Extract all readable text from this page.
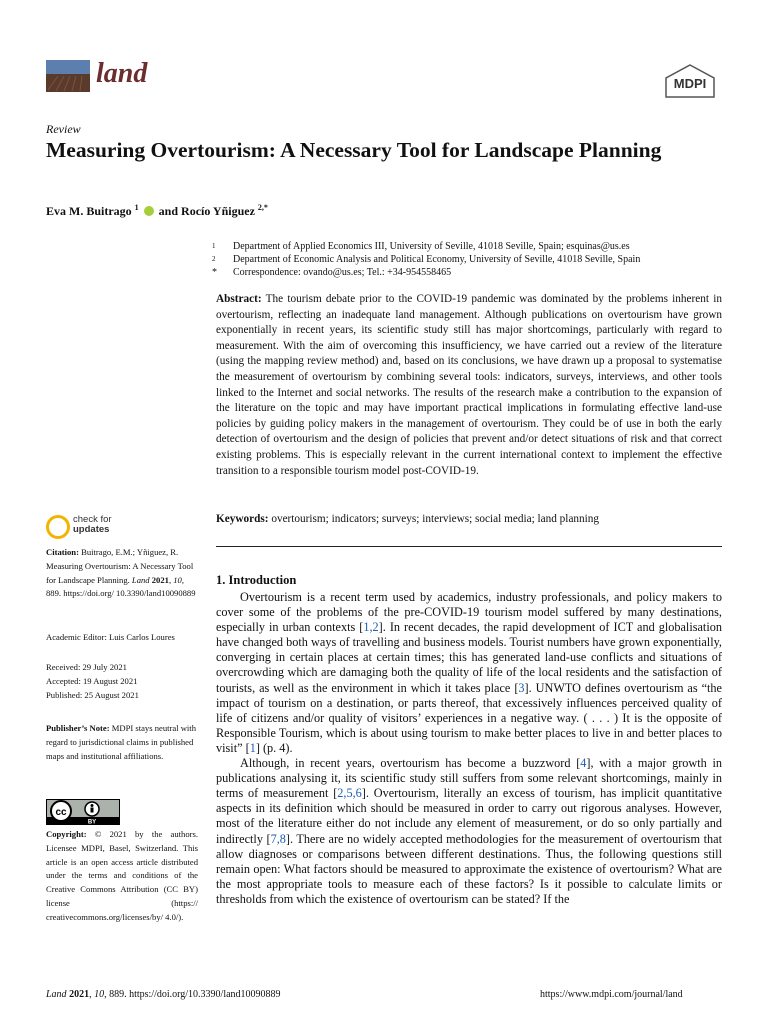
land	MDPI
Review
Measuring Overtourism: A Necessary Tool for Landscape Planning
Eva M. Buitrago $^1$ and Rocío Yñiguez $^{2,*}$
1	Department of Applied Economics III, University of Seville, 41018 Seville, Spain; esquinas@us.es
2	Department of Economic Analysis and Political Economy, University of Seville, 41018 Seville, Spain
*	Correspondence: ovando@us.es; Tel.: +34-954558465
Abstract: The tourism debate prior to the COVID-19 pandemic was dominated by the problems inherent in overtourism, reflecting an inadequate land management. Although publications on overtourism have grown exponentially in recent years, its scientific study still has major shortcomings, particularly with regard to measurement. With the aim of overcoming this insufficiency, we have carried out a review of the literature (using the mapping review method) and, based on its conclusions, we have drawn up a proposal to systematise the measurement of overtourism by combining several tools: indicators, surveys, interviews, and other tools linked to the Internet and social networks. The results of the research make a contribution to the expansion of the literature on the topic and may have important practical implications in formulating effective land-use policies by guiding policy makers in the management of overtourism. They could be of use in both the early detection of overtourism and the design of policies that prevent and/or detect situations of risk and that correct existing problems. This is especially relevant in the current international context to implement the effective transition to a responsible tourism model post-COVID-19.
Keywords: overtourism; indicators; surveys; interviews; social media; land planning
check for
updates
Citation: Buitrago, E.M.; Yñiguez, R. Measuring Overtourism: A Necessary Tool for Landscape Planning. Land 2021, 10, 889. https://doi.org/ 10.3390/land10090889
Academic Editor: Luis Carlos Loures
Received: 29 July 2021
Accepted: 19 August 2021
Published: 25 August 2021
Publisher’s Note: MDPI stays neutral with regard to jurisdictional claims in published maps and institutional affiliations.
cc
BY
Copyright: © 2021 by the authors. Licensee MDPI, Basel, Switzerland. This article is an open access article distributed under the terms and conditions of the Creative Commons Attribution (CC BY) license (https:// creativecommons.org/licenses/by/ 4.0/).
1. Introduction

Overtourism is a recent term used by academics, industry professionals, and policy makers to cover some of the problems of the pre-COVID-19 tourism model suffered by many destinations, especially in urban contexts [1,2]. In recent decades, the rapid development of ICT and globalisation have changed both ways of travelling and business models. Tourist numbers have grown exponentially, converging in certain places at certain times; this has generated land-use conflicts and situations of overcrowding which are damaging both the quality of life of the local residents and the satisfaction of tourists, as well as the environment in which it takes place [3]. UNWTO defines overtourism as “the impact of tourism on a destination, or parts thereof, that excessively influences perceived quality of life of citizens and/or quality of visitors’ experiences in a negative way. ( . . . ) It is the opposite of Responsible Tourism, which is about using tourism to make better places to live in and better places to visit” [1] (p. 4).

Although, in recent years, overtourism has become a buzzword [4], with a major growth in publications analysing it, its scientific study still suffers from some relevant shortcomings, mainly in terms of measurement [2,5,6]. Overtourism, literally an excess of tourism, has implicit quantitative aspects in its definition which should be measured in order to carry out rigorous analyses. However, most of the literature either do not include any element of measurement, or do so only partially and indirectly [7,8]. There are no widely accepted methodologies for the measurement of overtourism that allow diagnoses or comparisons between different destinations. Thus, the following questions still remain open: What factors should be measured to approximate the existence of overtourism? What are the most appropriate tools to measure each of these factors? Is it possible to calculate limits or thresholds from which the existence of overtourism can be stated? If the

Land 2021, 10, 889. https://doi.org/10.3390/land10090889	https://www.mdpi.com/journal/land
